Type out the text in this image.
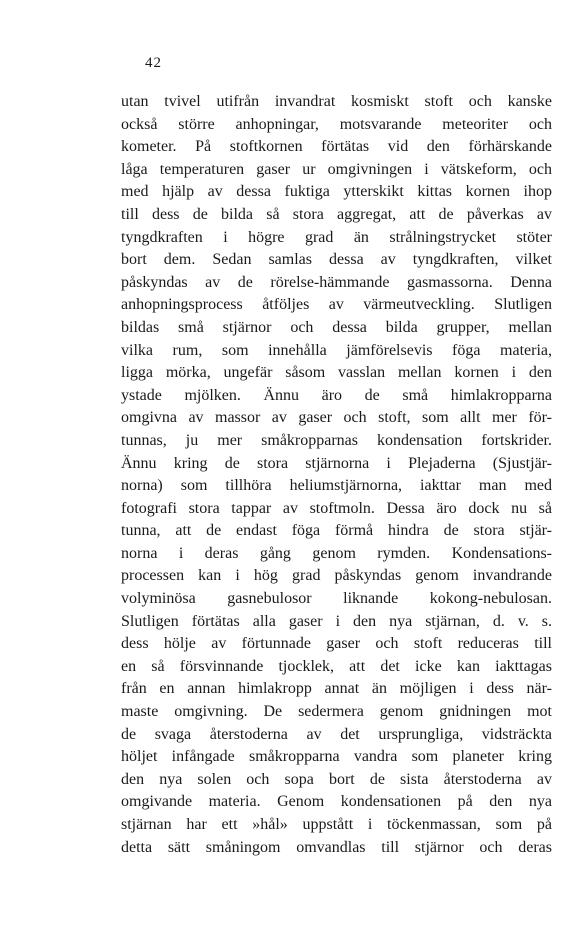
42
utan tvivel utifrån invandrat kosmiskt stoft och kanske
också större anhopningar, motsvarande meteoriter och
kometer. På stoftkornen förtätas vid den förhärskande
låga temperaturen gaser ur omgivningen i vätskeform, och
med hjälp av dessa fuktiga ytterskikt kittas kornen ihop
till dess de bilda så stora aggregat, att de påverkas av
tyngdkraften i högre grad än strålningstrycket stöter
bort dem. Sedan samlas dessa av tyngdkraften, vilket
påskyndas av de rörelse-hämmande gasmassorna. Denna
anhopningsprocess åtföljes av värmeutveckling. Slutligen
bildas små stjärnor och dessa bilda grupper, mellan
vilka rum, som innehålla jämförelsevis föga materia,
ligga mörka, ungefär såsom vasslan mellan kornen i den
ystade mjölken. Ännu äro de små himlakropparna
omgivna av massor av gaser och stoft, som allt mer för-
tunnas, ju mer småkropparnas kondensation fortskrider.
Ännu kring de stora stjärnorna i Plejaderna (Sjustjär-
norna) som tillhöra heliumstjärnorna, iakttar man med
fotografi stora tappar av stoftmoln. Dessa äro dock nu så
tunna, att de endast föga förmå hindra de stora stjär-
norna i deras gång genom rymden. Kondensations-
processen kan i hög grad påskyndas genom invandrande
volyminösa gasnebulosor liknande kokong-nebulosan.
Slutligen förtätas alla gaser i den nya stjärnan, d. v. s.
dess hölje av förtunnade gaser och stoft reduceras till
en så försvinnande tjocklek, att det icke kan iakttagas
från en annan himlakropp annat än möjligen i dess när-
maste omgivning. De sedermera genom gnidningen mot
de svaga återstoderna av det ursprungliga, vidsträckta
höljet infångade småkropparna vandra som planeter kring
den nya solen och sopa bort de sista återstoderna av
omgivande materia. Genom kondensationen på den nya
stjärnan har ett »hål» uppstått i töckenmassan, som på
detta sätt småningom omvandlas till stjärnor och deras
